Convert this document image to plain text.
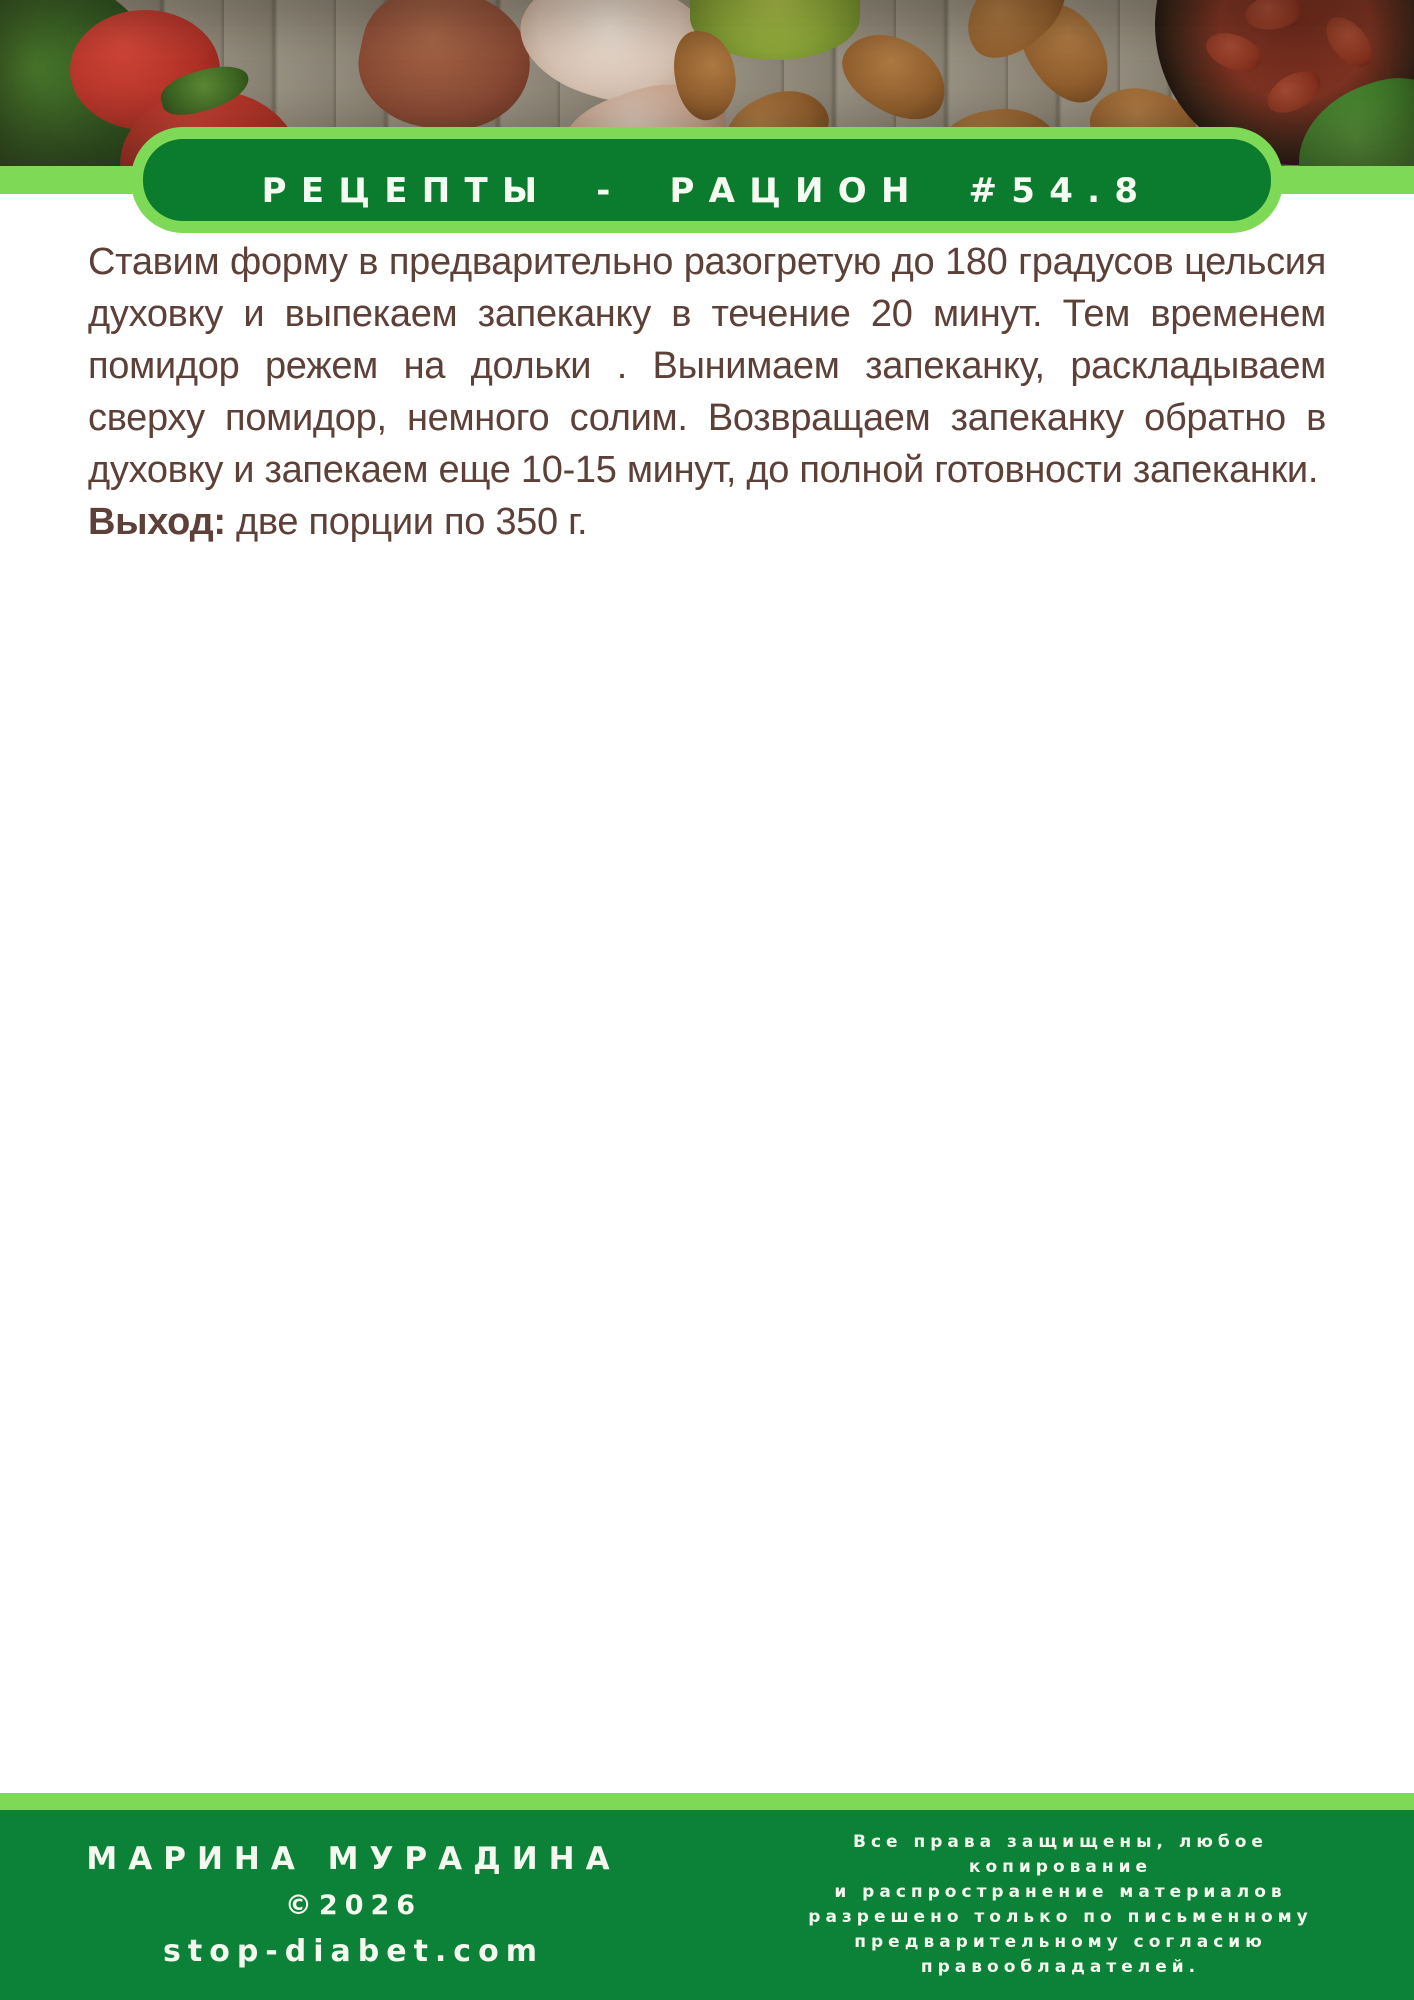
РЕЦЕПТЫ - РАЦИОН #54.8

Ставим форму в предварительно разогретую до 180 градусов цельсия духовку и выпекаем запеканку в течение 20 минут. Тем временем помидор режем на дольки . Вынимаем запеканку, раскладываем сверху помидор, немного солим. Возвращаем запеканку обратно в духовку и запекаем еще 10-15 минут, до полной готовности запеканки.

Выход: две порции по 350 г.
МАРИНА МУРАДИНА
©2026
stop-diabet.com
Все права защищены, любое
копирование
и распространение материалов
разрешено только по письменному
предварительному согласию
правообладателей.
